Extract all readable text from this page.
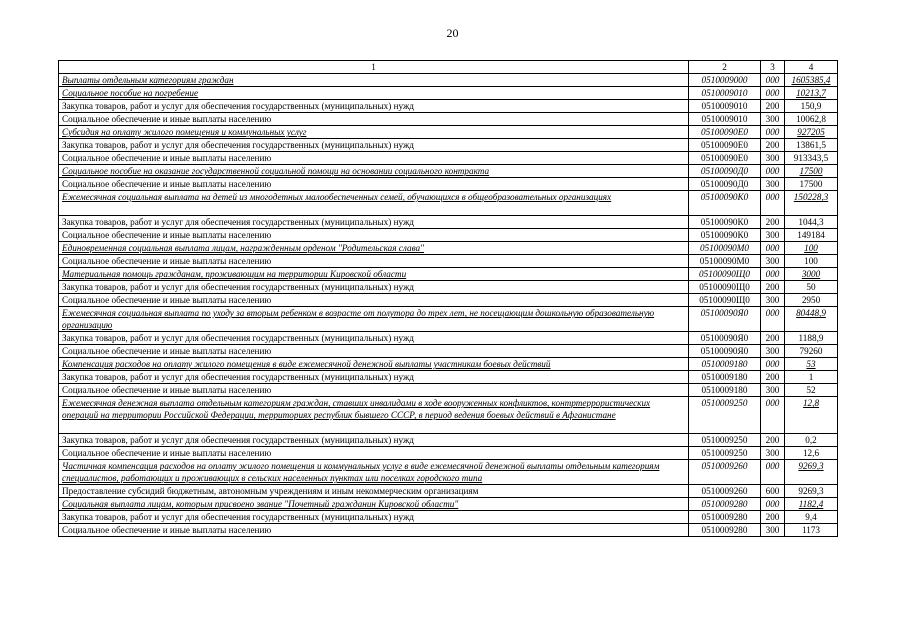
20
1	2	3	4
Выплаты отдельным категориям граждан	0510009000	000	1605385,4
Социальное пособие на погребение	0510009010	000	10213,7
Закупка товаров, работ и услуг для обеспечения государственных (муниципальных) нужд	0510009010	200	150,9
Социальное обеспечение и иные выплаты населению	0510009010	300	10062,8
Субсидия на оплату жилого помещения и коммунальных услуг	05100090Е0	000	927205
Закупка товаров, работ и услуг для обеспечения государственных (муниципальных) нужд	05100090Е0	200	13861,5
Социальное обеспечение и иные выплаты населению	05100090Е0	300	913343,5
Социальное пособие на оказание государственной социальной помощи на основании социального контракта	05100090Д0	000	17500
Социальное обеспечение и иные выплаты населению	05100090Д0	300	17500
Ежемесячная социальная выплата на детей из многодетных малообеспеченных семей, обучающихся в общеобразовательных организациях	05100090К0	000	150228,3
Закупка товаров, работ и услуг для обеспечения государственных (муниципальных) нужд	05100090К0	200	1044,3
Социальное обеспечение и иные выплаты населению	05100090К0	300	149184
Единовременная социальная выплата лицам, награжденным орденом "Родительская слава"	05100090М0	000	100
Социальное обеспечение и иные выплаты населению	05100090М0	300	100
Материальная помощь гражданам, проживающим на территории Кировской области	05100090Щ0	000	3000
Закупка товаров, работ и услуг для обеспечения государственных (муниципальных) нужд	05100090Щ0	200	50
Социальное обеспечение и иные выплаты населению	05100090Щ0	300	2950
Ежемесячная социальная выплата по уходу за вторым ребенком в возрасте от полутора до трех лет, не посещающим дошкольную образовательную организацию	05100090Я0	000	80448,9
Закупка товаров, работ и услуг для обеспечения государственных (муниципальных) нужд	05100090Я0	200	1188,9
Социальное обеспечение и иные выплаты населению	05100090Я0	300	79260
Компенсация расходов на оплату жилого помещения в виде ежемесячной денежной выплаты участникам боевых действий	0510009180	000	53
Закупка товаров, работ и услуг для обеспечения государственных (муниципальных) нужд	0510009180	200	1
Социальное обеспечение и иные выплаты населению	0510009180	300	52
Ежемесячная денежная выплата отдельным категориям граждан, ставших инвалидами в ходе вооруженных конфликтов, контртеррористических операций на территории Российской Федерации, территориях республик бывшего СССР, в период ведения боевых действий в Афганистане	0510009250	000	12,8
Закупка товаров, работ и услуг для обеспечения государственных (муниципальных) нужд	0510009250	200	0,2
Социальное обеспечение и иные выплаты населению	0510009250	300	12,6
Частичная компенсация расходов на оплату жилого помещения и коммунальных услуг в виде ежемесячной денежной выплаты отдельным категориям специалистов, работающих и проживающих в сельских населенных пунктах или поселках городского типа	0510009260	000	9269,3
Предоставление субсидий бюджетным, автономным учреждениям и иным некоммерческим организациям	0510009260	600	9269,3
Социальная выплата лицам, которым присвоено звание "Почетный гражданин Кировской области"	0510009280	000	1182,4
Закупка товаров, работ и услуг для обеспечения государственных (муниципальных) нужд	0510009280	200	9,4
Социальное обеспечение и иные выплаты населению	0510009280	300	1173
